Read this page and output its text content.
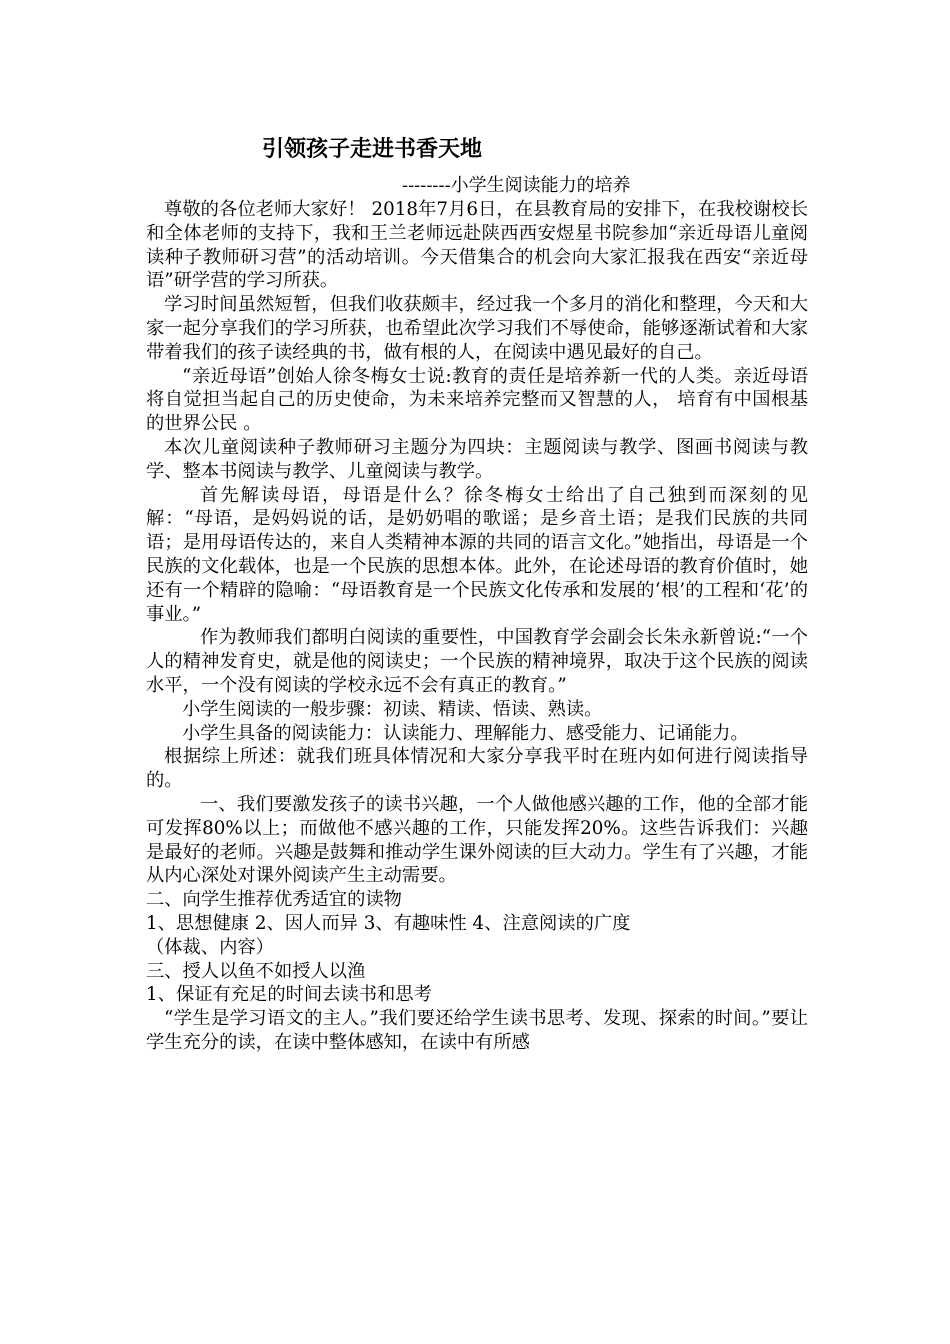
引领孩子走进书香天地
--------小学生阅读能力的培养

尊敬的各位老师大家好！ 2018年7月6日，在县教育局的安排下，在我校谢校长和全体老师的支持下，我和王兰老师远赴陕西西安煜星书院参加“亲近母语儿童阅读种子教师研习营”的活动培训。今天借集合的机会向大家汇报我在西安“亲近母语”研学营的学习所获。

学习时间虽然短暂，但我们收获颇丰，经过我一个多月的消化和整理，今天和大家一起分享我们的学习所获，也希望此次学习我们不辱使命，能够逐渐试着和大家带着我们的孩子读经典的书，做有根的人，在阅读中遇见最好的自己。

“亲近母语”创始人徐冬梅女士说:教育的责任是培养新一代的人类。亲近母语将自觉担当起自己的历史使命，为未来培养完整而又智慧的人， 培育有中国根基的世界公民 。

本次儿童阅读种子教师研习主题分为四块：主题阅读与教学、图画书阅读与教学、整本书阅读与教学、儿童阅读与教学。

首先解读母语，母语是什么？徐冬梅女士给出了自己独到而深刻的见解：“母语，是妈妈说的话，是奶奶唱的歌谣；是乡音土语；是我们民族的共同语；是用母语传达的，来自人类精神本源的共同的语言文化。”她指出，母语是一个民族的文化载体，也是一个民族的思想本体。此外，在论述母语的教育价值时，她还有一个精辟的隐喻：“母语教育是一个民族文化传承和发展的‘根’的工程和‘花’的事业。”

作为教师我们都明白阅读的重要性，中国教育学会副会长朱永新曾说:“一个人的精神发育史，就是他的阅读史；一个民族的精神境界，取决于这个民族的阅读水平，一个没有阅读的学校永远不会有真正的教育。”

小学生阅读的一般步骤：初读、精读、悟读、熟读。

小学生具备的阅读能力：认读能力、理解能力、感受能力、记诵能力。

根据综上所述：就我们班具体情况和大家分享我平时在班内如何进行阅读指导的。

一、我们要激发孩子的读书兴趣，一个人做他感兴趣的工作，他的全部才能可发挥80%以上；而做他不感兴趣的工作，只能发挥20%。这些告诉我们：兴趣是最好的老师。兴趣是鼓舞和推动学生课外阅读的巨大动力。学生有了兴趣，才能从内心深处对课外阅读产生主动需要。

二、向学生推荐优秀适宜的读物

1、思想健康 2、因人而异 3、有趣味性 4、注意阅读的广度

（体裁、内容）

三、授人以鱼不如授人以渔

1、保证有充足的时间去读书和思考

“学生是学习语文的主人。”我们要还给学生读书思考、发现、探索的时间。”要让学生充分的读，在读中整体感知，在读中有所感
